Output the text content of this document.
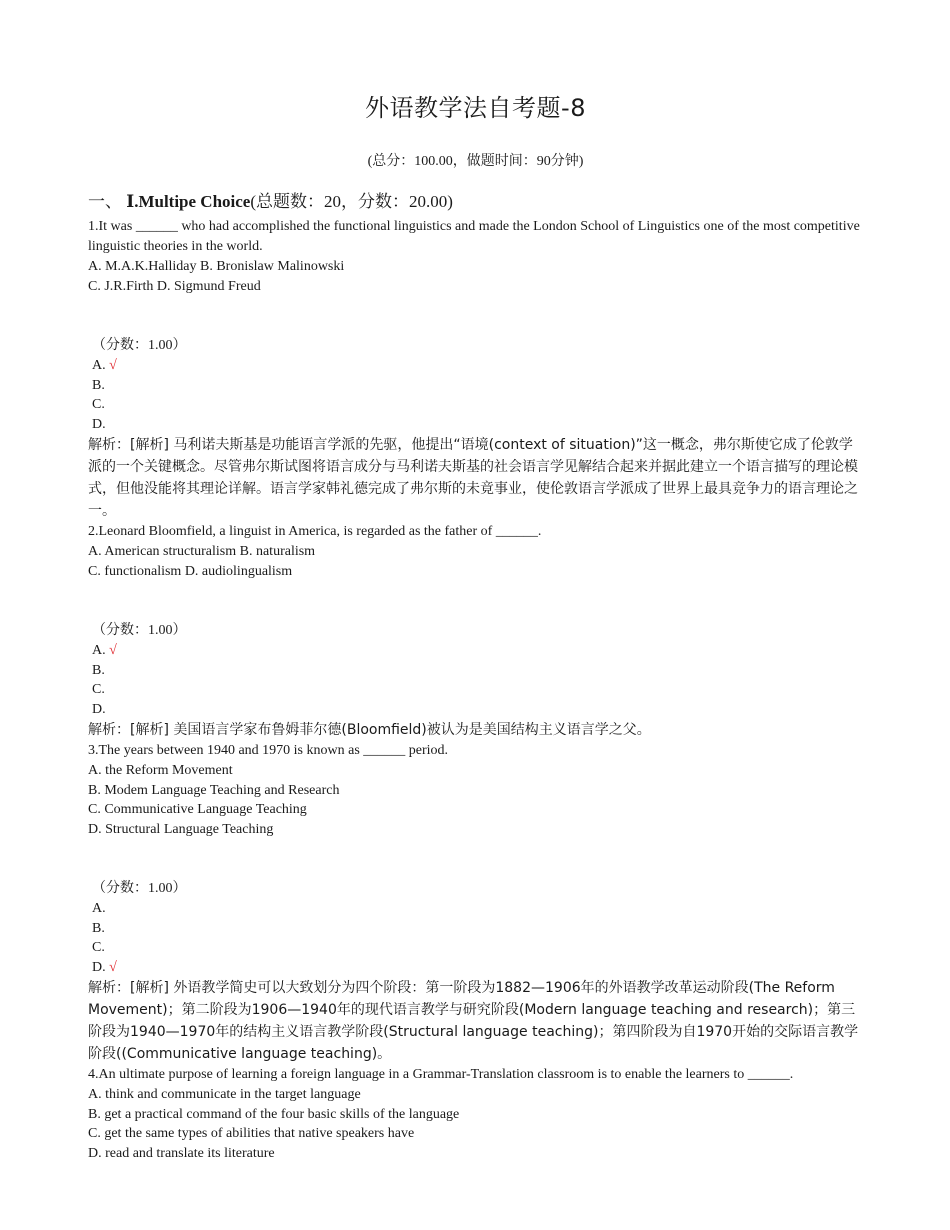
外语教学法自考题-8
(总分：100.00，做题时间：90分钟)
一、 Ⅰ.Multipe Choice(总题数：20，分数：20.00)
1.It was ______ who had accomplished the functional linguistics and made the London School of Linguistics one of the most competitive linguistic theories in the world.
A. M.A.K.Halliday B. Bronislaw Malinowski
C. J.R.Firth D. Sigmund Freud
（分数：1.00）
A. √
B.
C.
D.
解析：[解析] 马利诺夫斯基是功能语言学派的先驱，他提出“语境(context of situation)”这一概念，弗尔斯使它成了伦敦学派的一个关键概念。尽管弗尔斯试图将语言成分与马利诺夫斯基的社会语言学见解结合起来并据此建立一个语言描写的理论模式，但他没能将其理论详解。语言学家韩礼德完成了弗尔斯的未竟事业，使伦敦语言学派成了世界上最具竞争力的语言理论之一。
2.Leonard Bloomfield, a linguist in America, is regarded as the father of ______.
A. American structuralism B. naturalism
C. functionalism D. audiolingualism
（分数：1.00）
A. √
B.
C.
D.
解析：[解析] 美国语言学家布鲁姆菲尔德(Bloomfield)被认为是美国结构主义语言学之父。
3.The years between 1940 and 1970 is known as ______ period.
A. the Reform Movement
B. Modem Language Teaching and Research
C. Communicative Language Teaching
D. Structural Language Teaching
（分数：1.00）
A.
B.
C.
D. √
解析：[解析] 外语教学简史可以大致划分为四个阶段：第一阶段为1882—1906年的外语教学改革运动阶段(The Reform Movement)；第二阶段为1906—1940年的现代语言教学与研究阶段(Modern language teaching and research)；第三阶段为1940—1970年的结构主义语言教学阶段(Structural language teaching)；第四阶段为自1970开始的交际语言教学阶段((Communicative language teaching)。
4.An ultimate purpose of learning a foreign language in a Grammar-Translation classroom is to enable the learners to ______.
A. think and communicate in the target language
B. get a practical command of the four basic skills of the language
C. get the same types of abilities that native speakers have
D. read and translate its literature
